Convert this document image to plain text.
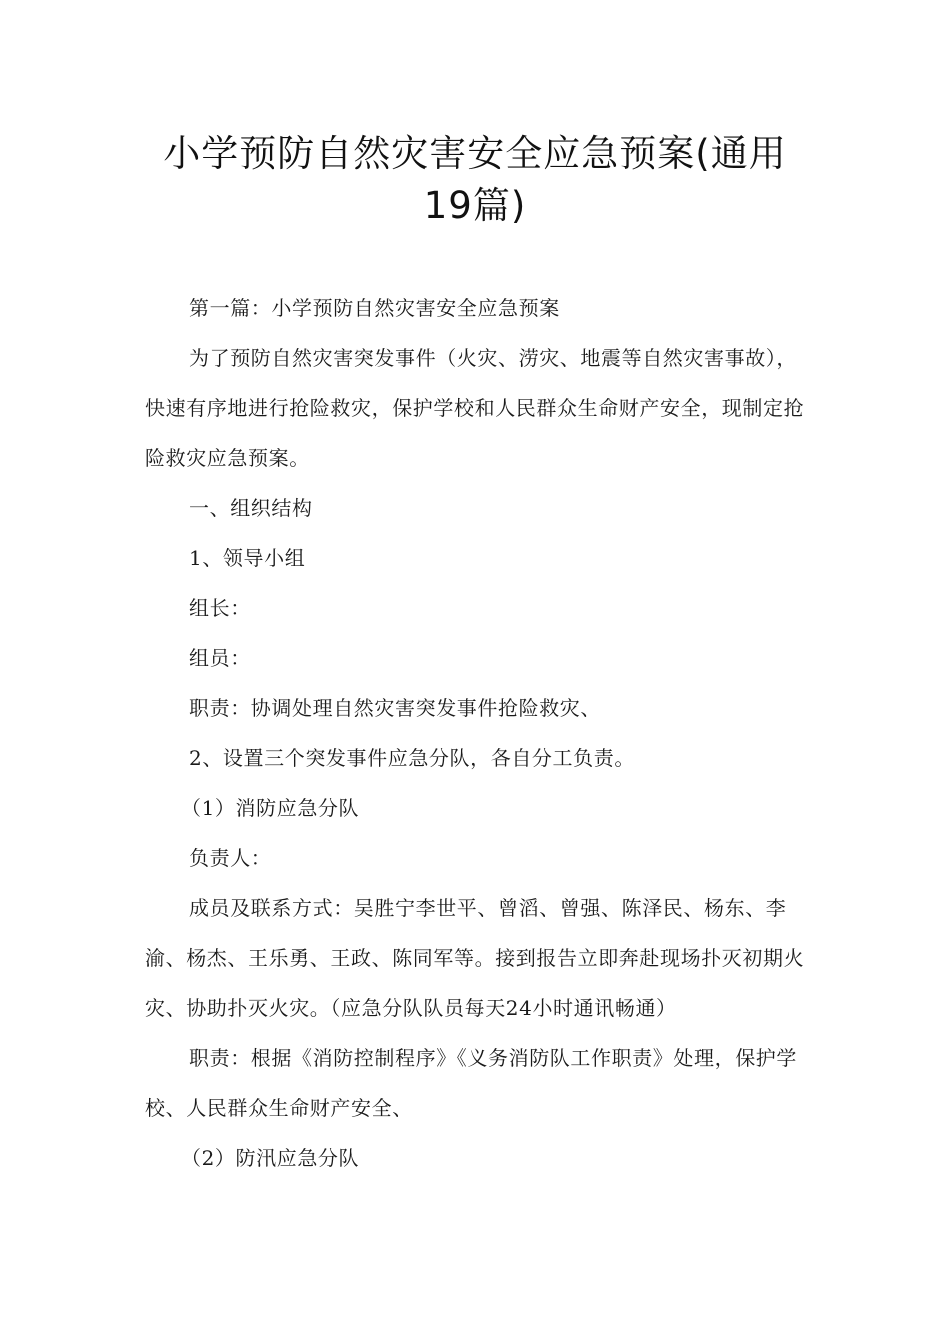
小学预防自然灾害安全应急预案(通用19篇)

第一篇：小学预防自然灾害安全应急预案

为了预防自然灾害突发事件（火灾、涝灾、地震等自然灾害事故），快速有序地进行抢险救灾，保护学校和人民群众生命财产安全，现制定抢险救灾应急预案。

一、组织结构

1、领导小组

组长：

组员：

职责：协调处理自然灾害突发事件抢险救灾、

2、设置三个突发事件应急分队，各自分工负责。

（1）消防应急分队

负责人：

成员及联系方式：吴胜宁李世平、曾滔、曾强、陈泽民、杨东、李渝、杨杰、王乐勇、王政、陈同军等。接到报告立即奔赴现场扑灭初期火灾、协助扑灭火灾。（应急分队队员每天24小时通讯畅通）

职责：根据《消防控制程序》《义务消防队工作职责》处理，保护学校、人民群众生命财产安全、

（2）防汛应急分队
